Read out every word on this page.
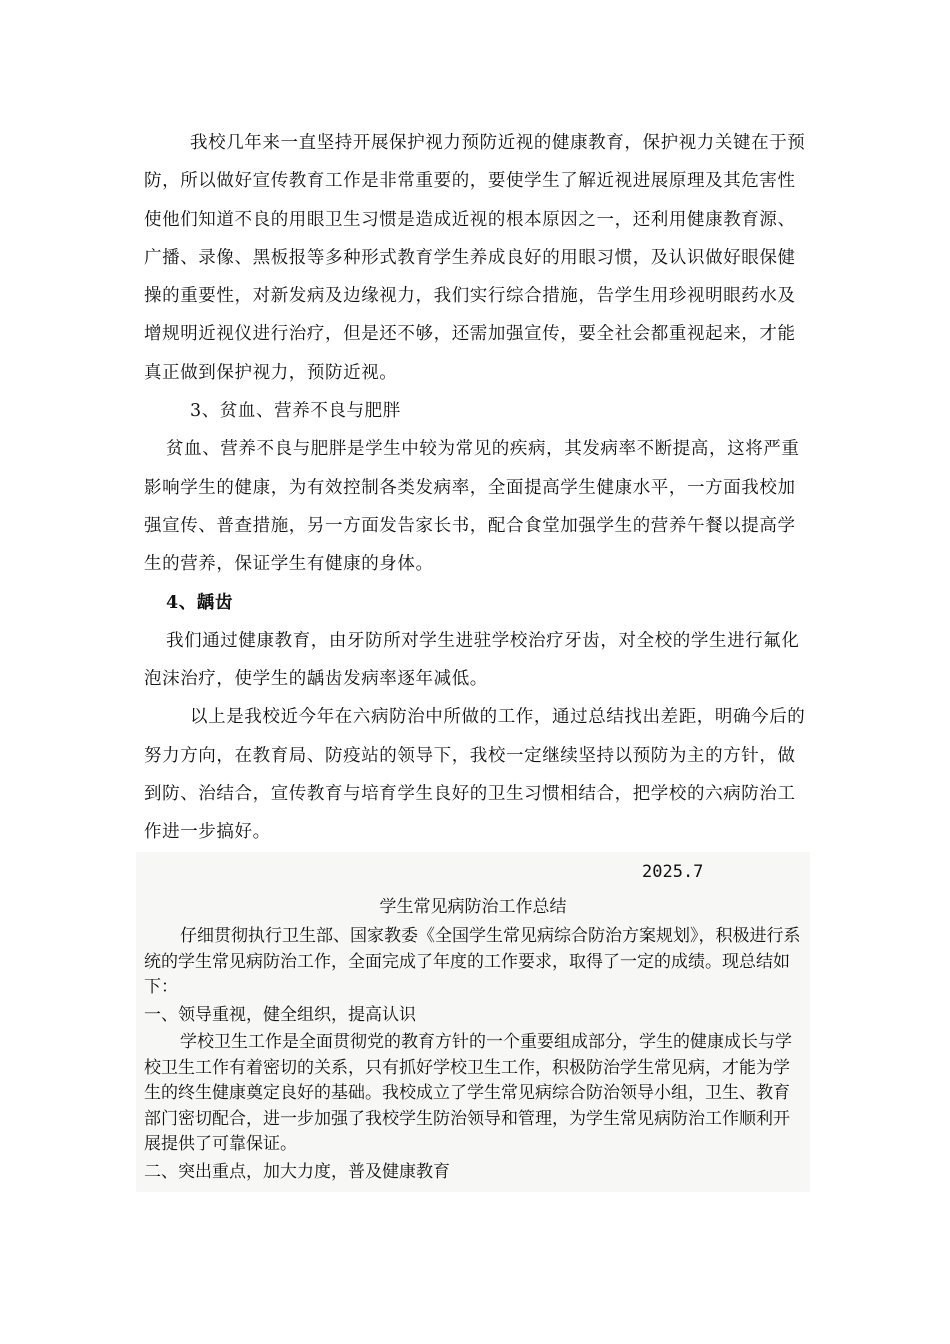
我校几年来一直坚持开展保护视力预防近视的健康教育，保护视力关键在于预防，所以做好宣传教育工作是非常重要的，要使学生了解近视进展原理及其危害性使他们知道不良的用眼卫生习惯是造成近视的根本原因之一，还利用健康教育源、广播、录像、黑板报等多种形式教育学生养成良好的用眼习惯，及认识做好眼保健操的重要性，对新发病及边缘视力，我们实行综合措施，告学生用珍视明眼药水及增规明近视仪进行治疗，但是还不够，还需加强宣传，要全社会都重视起来，才能真正做到保护视力，预防近视。

3、贫血、营养不良与肥胖

贫血、营养不良与肥胖是学生中较为常见的疾病，其发病率不断提高，这将严重影响学生的健康，为有效控制各类发病率，全面提高学生健康水平，一方面我校加强宣传、普查措施，另一方面发告家长书，配合食堂加强学生的营养午餐以提高学生的营养，保证学生有健康的身体。

4、龋齿

我们通过健康教育，由牙防所对学生进驻学校治疗牙齿，对全校的学生进行氟化泡沫治疗，使学生的龋齿发病率逐年减低。

以上是我校近今年在六病防治中所做的工作，通过总结找出差距，明确今后的努力方向，在教育局、防疫站的领导下，我校一定继续坚持以预防为主的方针，做到防、治结合，宣传教育与培育学生良好的卫生习惯相结合，把学校的六病防治工作进一步搞好。

2025.7
学生常见病防治工作总结

仔细贯彻执行卫生部、国家教委《全国学生常见病综合防治方案规划》，积极进行系统的学生常见病防治工作，全面完成了年度的工作要求，取得了一定的成绩。现总结如下：

一、领导重视，健全组织，提高认识

学校卫生工作是全面贯彻党的教育方针的一个重要组成部分，学生的健康成长与学校卫生工作有着密切的关系，只有抓好学校卫生工作，积极防治学生常见病，才能为学生的终生健康奠定良好的基础。我校成立了学生常见病综合防治领导小组，卫生、教育部门密切配合，进一步加强了我校学生防治领导和管理，为学生常见病防治工作顺利开展提供了可靠保证。

二、突出重点，加大力度，普及健康教育
